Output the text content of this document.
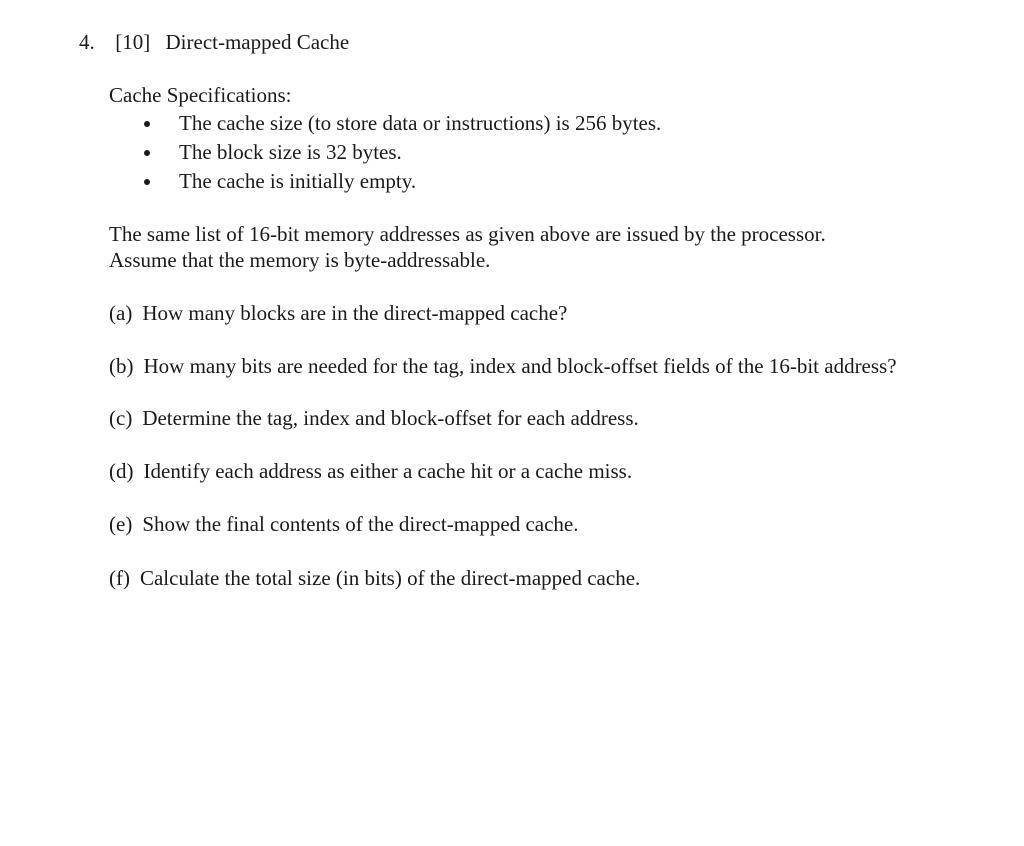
4. [10] Direct-mapped Cache
Cache Specifications:
The cache size (to store data or instructions) is 256 bytes.
The block size is 32 bytes.
The cache is initially empty.
The same list of 16-bit memory addresses as given above are issued by the processor.
Assume that the memory is byte-addressable.
(a) How many blocks are in the direct-mapped cache?
(b) How many bits are needed for the tag, index and block-offset fields of the 16-bit address?
(c) Determine the tag, index and block-offset for each address.
(d) Identify each address as either a cache hit or a cache miss.
(e) Show the final contents of the direct-mapped cache.
(f) Calculate the total size (in bits) of the direct-mapped cache.
